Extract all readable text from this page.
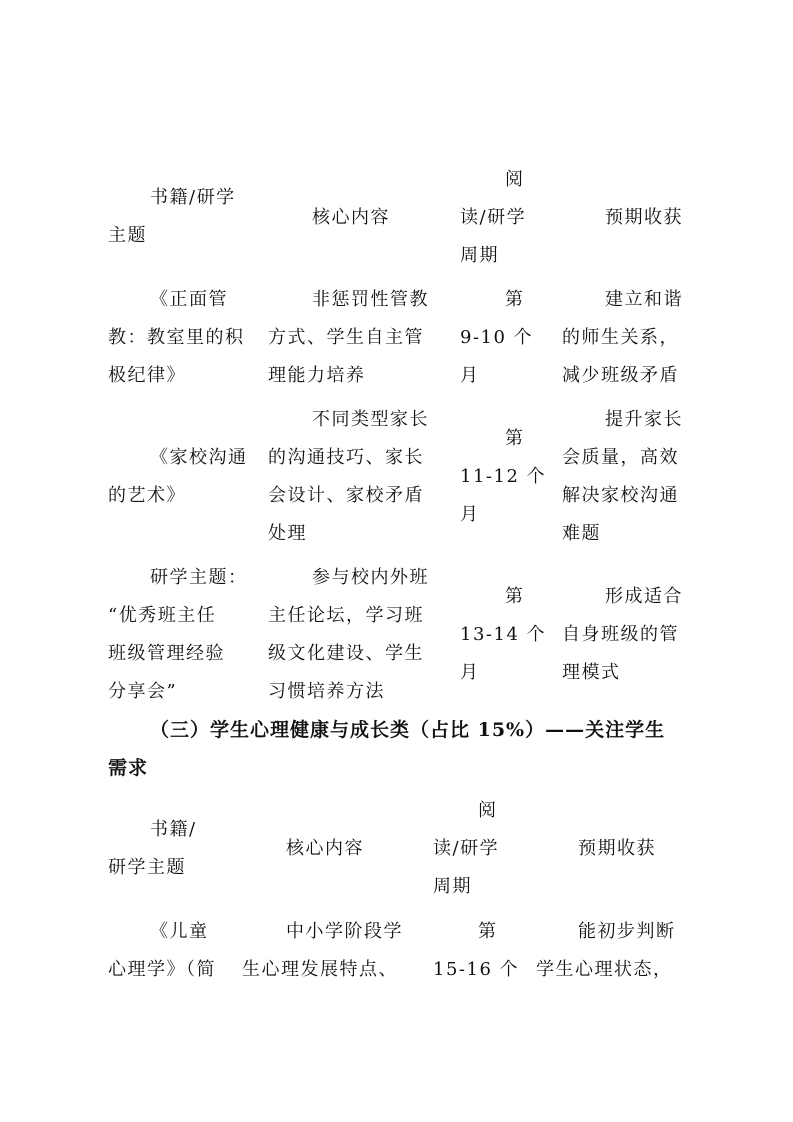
书籍/研学
主题
核心内容
阅
读/研学
周期
预期收获
《正面管
教：教室里的积
极纪律》
非惩罚性管教
方式、学生自主管
理能力培养
第
9-10 个
月
建立和谐
的师生关系，
减少班级矛盾
《家校沟通
的艺术》
不同类型家长
的沟通技巧、家长
会设计、家校矛盾
处理
第
11-12 个
月
提升家长
会质量，高效
解决家校沟通
难题
研学主题：
“优秀班主任
班级管理经验
分享会”
参与校内外班
主任论坛，学习班
级文化建设、学生
习惯培养方法
第
13-14 个
月
形成适合
自身班级的管
理模式
（三）学生心理健康与成长类（占比 15%）——关注学生
需求
书籍/
研学主题
核心内容
阅
读/研学
周期
预期收获
《儿童
心理学》（简
中小学阶段学
生心理发展特点、
第
15-16 个
能初步判断
学生心理状态，
